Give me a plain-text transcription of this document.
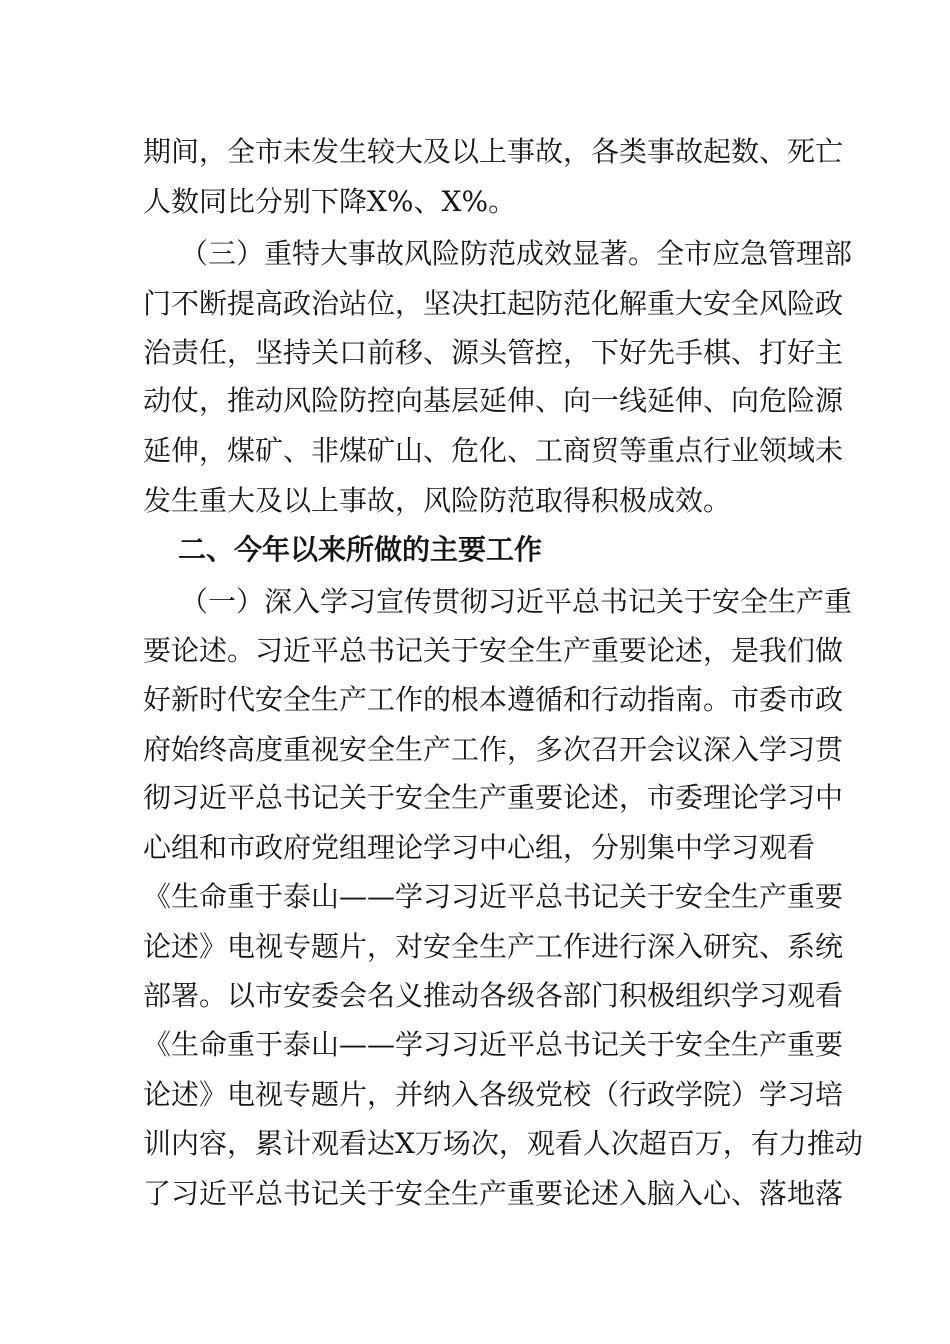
期间，全市未发生较大及以上事故，各类事故起数、死亡
人数同比分别下降X%、X%。
（三）重特大事故风险防范成效显著。全市应急管理部
门不断提高政治站位，坚决扛起防范化解重大安全风险政
治责任，坚持关口前移、源头管控，下好先手棋、打好主
动仗，推动风险防控向基层延伸、向一线延伸、向危险源
延伸，煤矿、非煤矿山、危化、工商贸等重点行业领域未
发生重大及以上事故，风险防范取得积极成效。
二、今年以来所做的主要工作
（一）深入学习宣传贯彻习近平总书记关于安全生产重
要论述。习近平总书记关于安全生产重要论述，是我们做
好新时代安全生产工作的根本遵循和行动指南。市委市政
府始终高度重视安全生产工作，多次召开会议深入学习贯
彻习近平总书记关于安全生产重要论述，市委理论学习中
心组和市政府党组理论学习中心组，分别集中学习观看
《生命重于泰山——学习习近平总书记关于安全生产重要
论述》电视专题片，对安全生产工作进行深入研究、系统
部署。以市安委会名义推动各级各部门积极组织学习观看
《生命重于泰山——学习习近平总书记关于安全生产重要
论述》电视专题片，并纳入各级党校（行政学院）学习培
训内容，累计观看达X万场次，观看人次超百万，有力推动
了习近平总书记关于安全生产重要论述入脑入心、落地落
